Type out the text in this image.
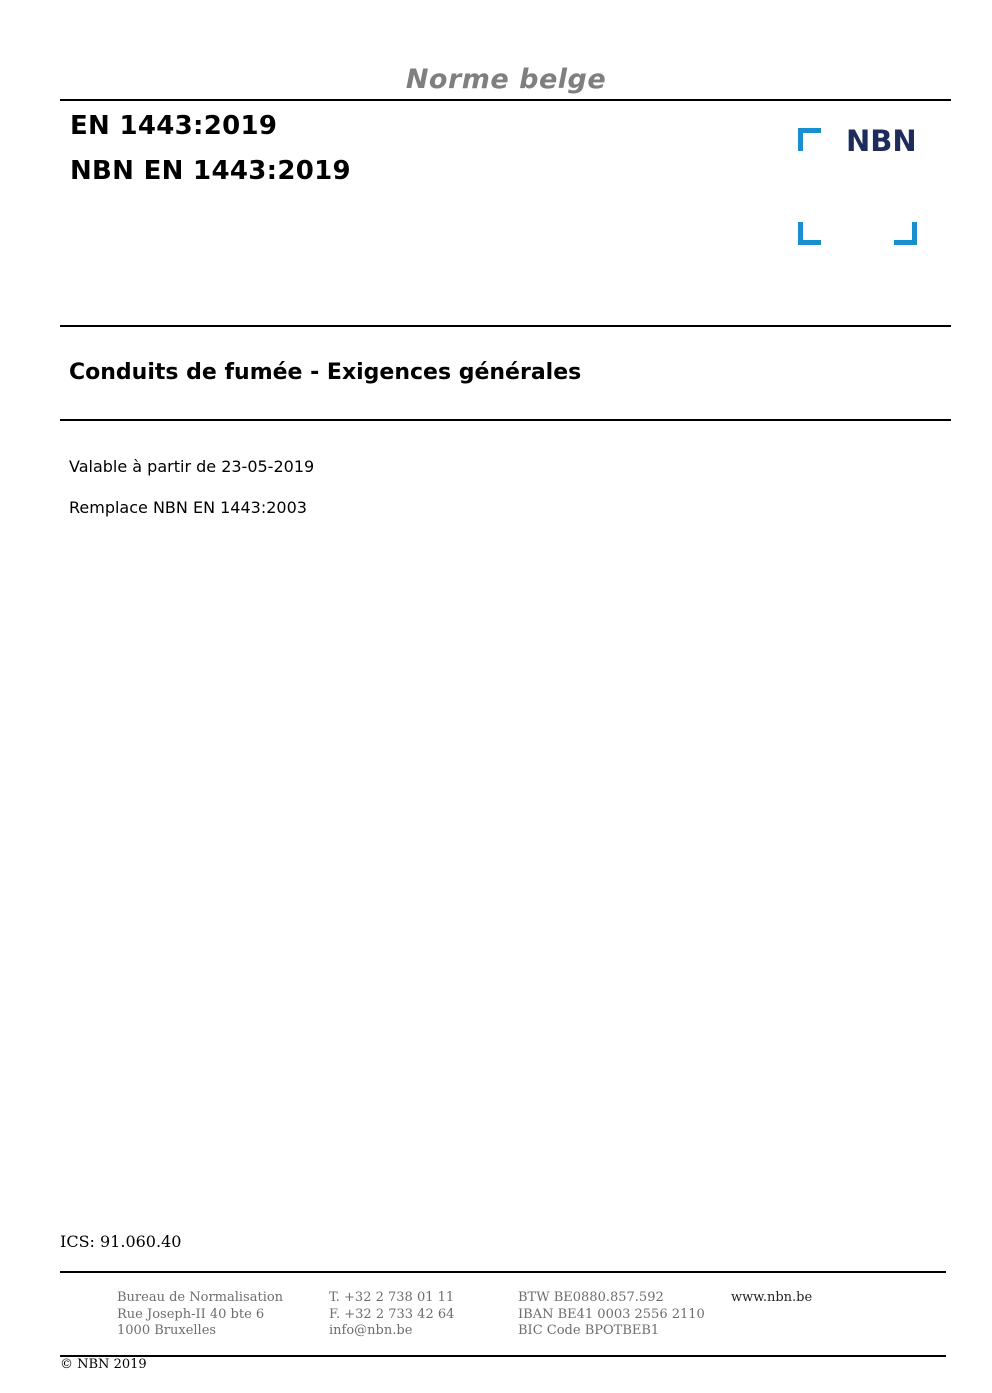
Norme belge
EN 1443:2019
NBN EN 1443:2019
NBN
Conduits de fumée - Exigences générales
Valable à partir de 23-05-2019
Remplace NBN EN 1443:2003
ICS: 91.060.40
Bureau de Normalisation
Rue Joseph-II 40 bte 6
1000 Bruxelles
T. +32 2 738 01 11
F. +32 2 733 42 64
info@nbn.be
BTW BE0880.857.592
IBAN BE41 0003 2556 2110
BIC Code BPOTBEB1
www.nbn.be
© NBN 2019
